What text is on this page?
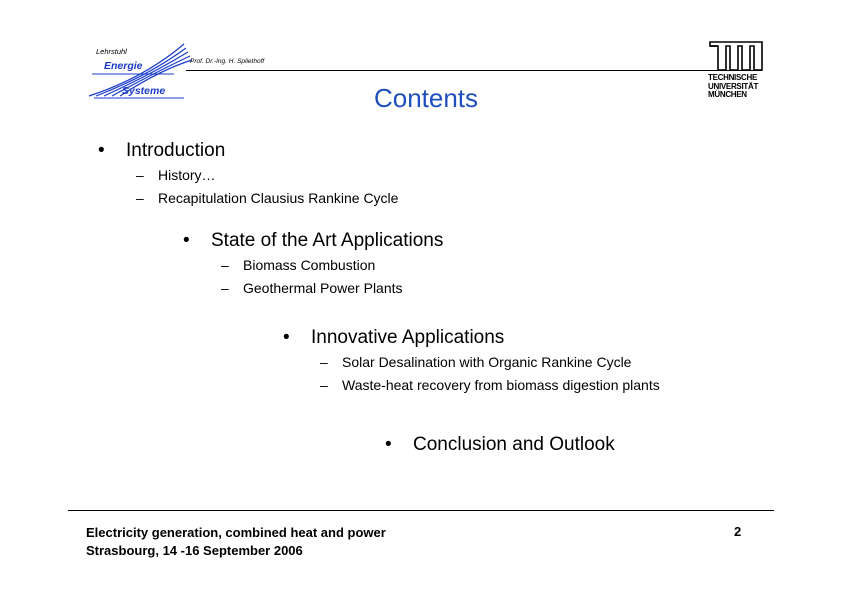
Lehrstuhl
Energie
Systeme
Prof. Dr.-Ing. H. Spliethoff
Contents
TECHNISCHE
UNIVERSITÄT
MÜNCHEN
• Introduction
– History…
– Recapitulation Clausius Rankine Cycle
• State of the Art Applications
– Biomass Combustion
– Geothermal Power Plants
• Innovative Applications
– Solar Desalination with Organic Rankine Cycle
– Waste-heat recovery from biomass digestion plants
• Conclusion and Outlook
Electricity generation, combined heat and power
Strasbourg, 14 -16 September 2006
2
